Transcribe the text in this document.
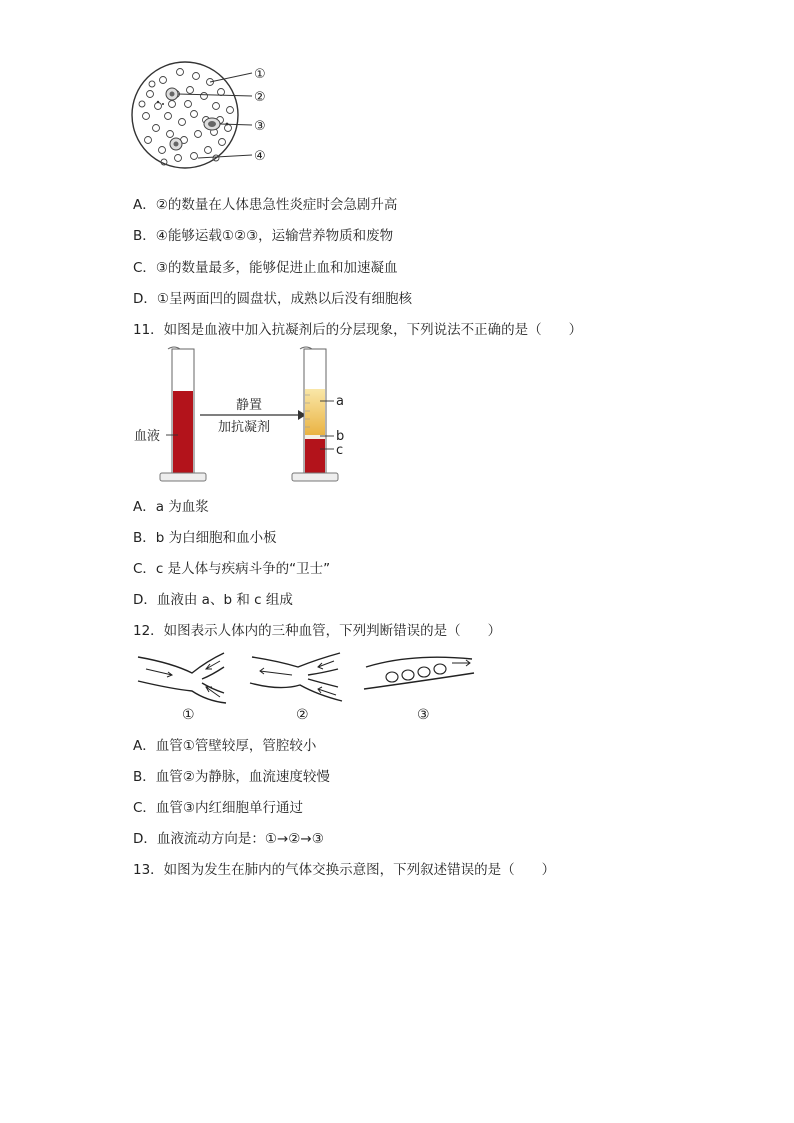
①
②
③
④
A．②的数量在人体患急性炎症时会急剧升高
B．④能够运载①②③，运输营养物质和废物
C．③的数量最多，能够促进止血和加速凝血
D．①呈两面凹的圆盘状，成熟以后没有细胞核
11．如图是血液中加入抗凝剂后的分层现象，下列说法不正确的是（　　）
血液
静置
加抗凝剂
a
b
c
A．a 为血浆
B．b 为白细胞和血小板
C．c 是人体与疾病斗争的“卫士”
D．血液由 a、b 和 c 组成
12．如图表示人体内的三种血管，下列判断错误的是（　　）
①	②	③
A．血管①管壁较厚，管腔较小
B．血管②为静脉，血流速度较慢
C．血管③内红细胞单行通过
D．血液流动方向是：①→②→③
13．如图为发生在肺内的气体交换示意图，下列叙述错误的是（　　）
